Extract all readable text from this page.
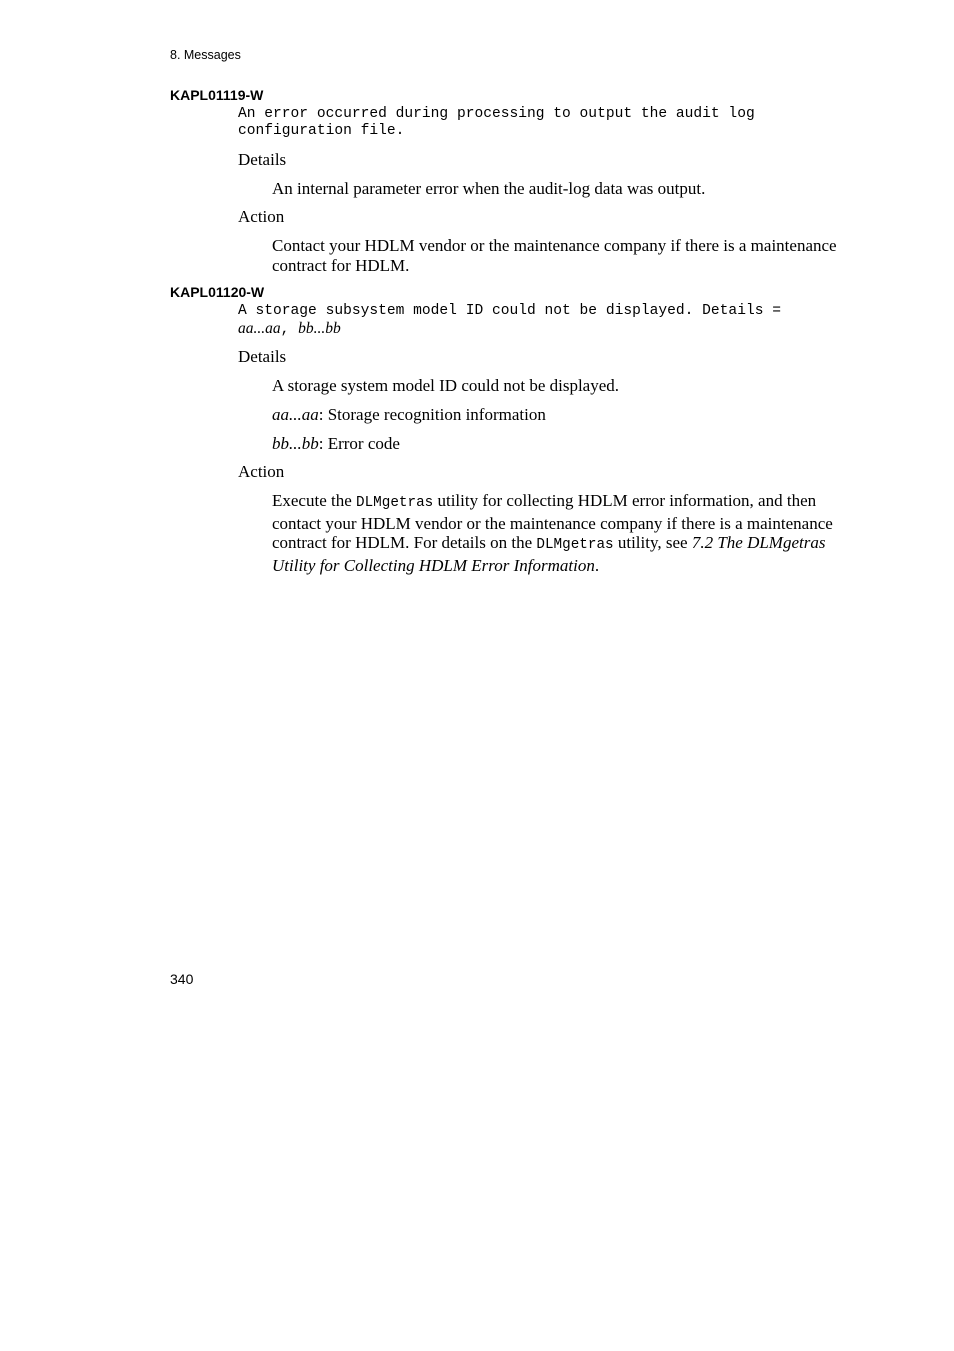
8. Messages
KAPL01119-W
An error occurred during processing to output the audit log
configuration file.
Details
An internal parameter error when the audit-log data was output.
Action
Contact your HDLM vendor or the maintenance company if there is a maintenance contract for HDLM.
KAPL01120-W
A storage subsystem model ID could not be displayed. Details =
aa...aa, bb...bb
Details
A storage system model ID could not be displayed.
aa...aa: Storage recognition information
bb...bb: Error code
Action
Execute the DLMgetras utility for collecting HDLM error information, and then contact your HDLM vendor or the maintenance company if there is a maintenance contract for HDLM. For details on the DLMgetras utility, see 7.2 The DLMgetras Utility for Collecting HDLM Error Information.
340
